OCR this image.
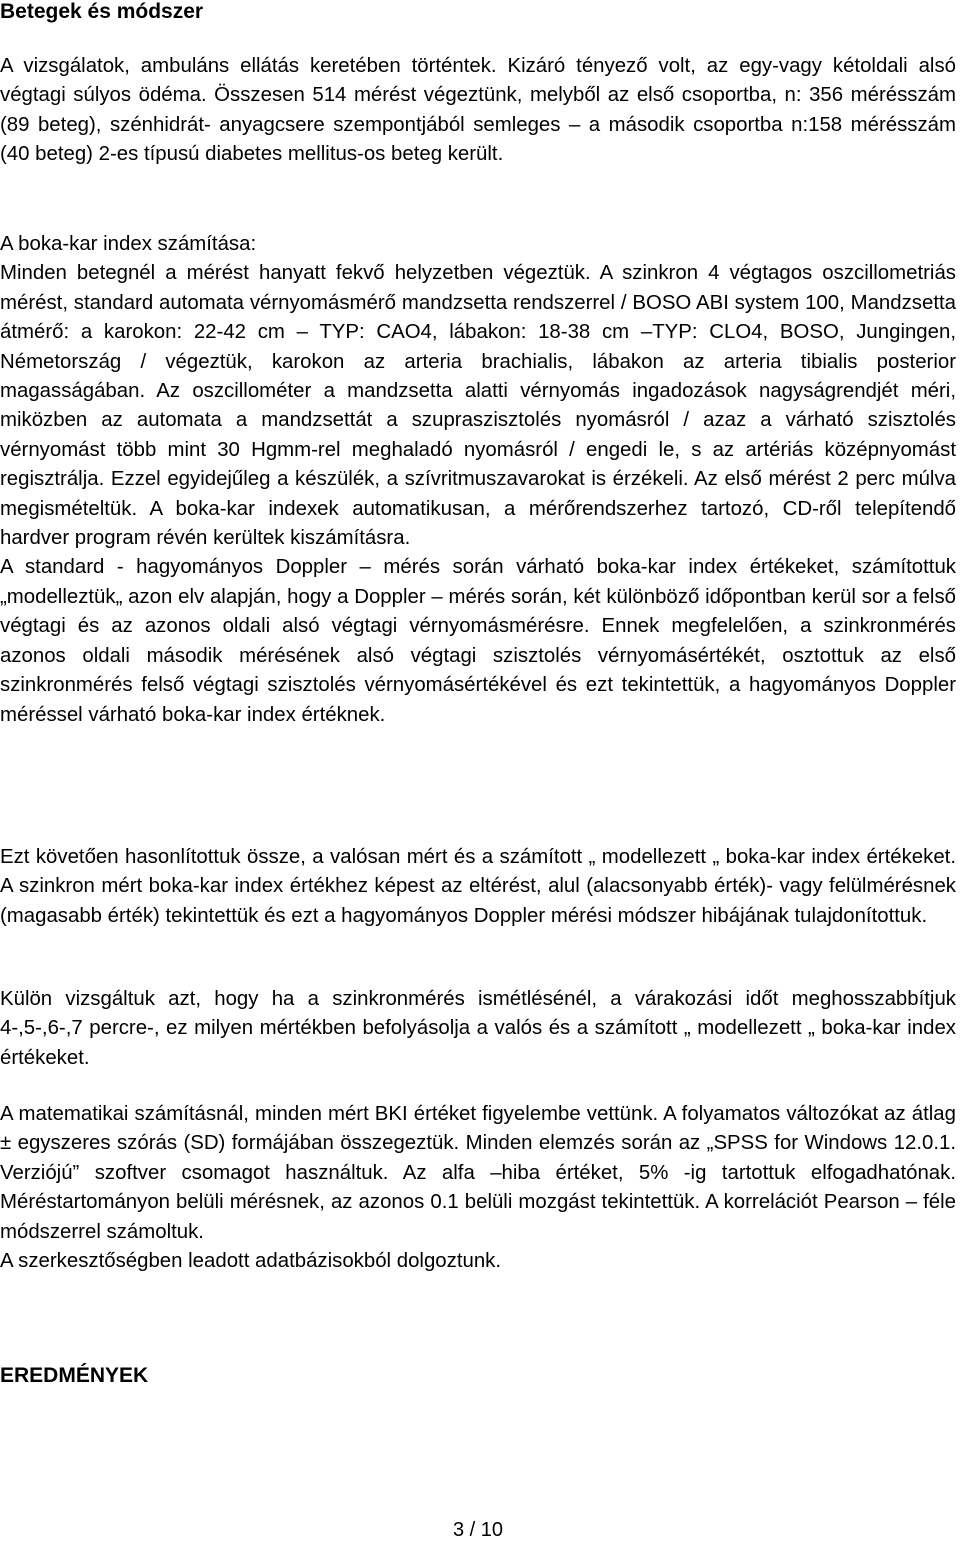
Betegek és módszer

A vizsgálatok, ambuláns ellátás keretében történtek. Kizáró tényező volt, az egy-vagy kétoldali alsó végtagi súlyos ödéma. Összesen 514 mérést végeztünk, melyből az első csoportba, n: 356 mérésszám (89 beteg), szénhidrát- anyagcsere szempontjából semleges – a második csoportba n:158 mérésszám (40 beteg) 2-es típusú diabetes mellitus-os beteg került.

A boka-kar index számítása:

Minden betegnél a mérést hanyatt fekvő helyzetben végeztük. A szinkron 4 végtagos oszcillometriás mérést, standard automata vérnyomásmérő mandzsetta rendszerrel / BOSO ABI system 100, Mandzsetta átmérő: a karokon: 22-42 cm – TYP: CAO4, lábakon: 18-38 cm –TYP: CLO4, BOSO, Jungingen, Németország / végeztük, karokon az arteria brachialis, lábakon az arteria tibialis posterior magasságában. Az oszcillométer a mandzsetta alatti vérnyomás ingadozások nagyságrendjét méri, miközben az automata a mandzsettát a szupraszisztolés nyomásról / azaz a várható szisztolés vérnyomást több mint 30 Hgmm-rel meghaladó nyomásról / engedi le, s az artériás középnyomást regisztrálja. Ezzel egyidejűleg a készülék, a szívritmuszavarokat is érzékeli. Az első mérést 2 perc múlva megismételtük. A boka-kar indexek automatikusan, a mérőrendszerhez tartozó, CD-ről telepítendő hardver program révén kerültek kiszámításra.

A standard - hagyományos Doppler – mérés során várható boka-kar index értékeket, számítottuk „modelleztük„ azon elv alapján, hogy a Doppler – mérés során, két különböző időpontban kerül sor a felső végtagi és az azonos oldali alsó végtagi vérnyomásmérésre. Ennek megfelelően, a szinkronmérés azonos oldali második mérésének alsó végtagi szisztolés vérnyomásértékét, osztottuk az első szinkronmérés felső végtagi szisztolés vérnyomásértékével és ezt tekintettük, a hagyományos Doppler méréssel várható boka-kar index értéknek.

Ezt követően hasonlítottuk össze, a valósan mért és a számított „ modellezett „ boka-kar index értékeket. A szinkron mért boka-kar index értékhez képest az eltérést, alul (alacsonyabb érték)- vagy felülmérésnek (magasabb érték) tekintettük és ezt a hagyományos Doppler mérési módszer hibájának tulajdonítottuk.

Külön vizsgáltuk azt, hogy ha a szinkronmérés ismétlésénél, a várakozási időt meghosszabbítjuk 4-,5-,6-,7 percre-, ez milyen mértékben befolyásolja a valós és a számított „ modellezett „ boka-kar index értékeket.

A matematikai számításnál, minden mért BKI értéket figyelembe vettünk. A folyamatos változókat az átlag ± egyszeres szórás (SD) formájában összegeztük. Minden elemzés során az „SPSS for Windows 12.0.1. Verziójú” szoftver csomagot használtuk. Az alfa –hiba értéket, 5% -ig tartottuk elfogadhatónak. Méréstartományon belüli mérésnek, az azonos 0.1 belüli mozgást tekintettük. A korrelációt Pearson – féle módszerrel számoltuk.

A szerkesztőségben leadott adatbázisokból dolgoztunk.

EREDMÉNYEK
3 / 10
